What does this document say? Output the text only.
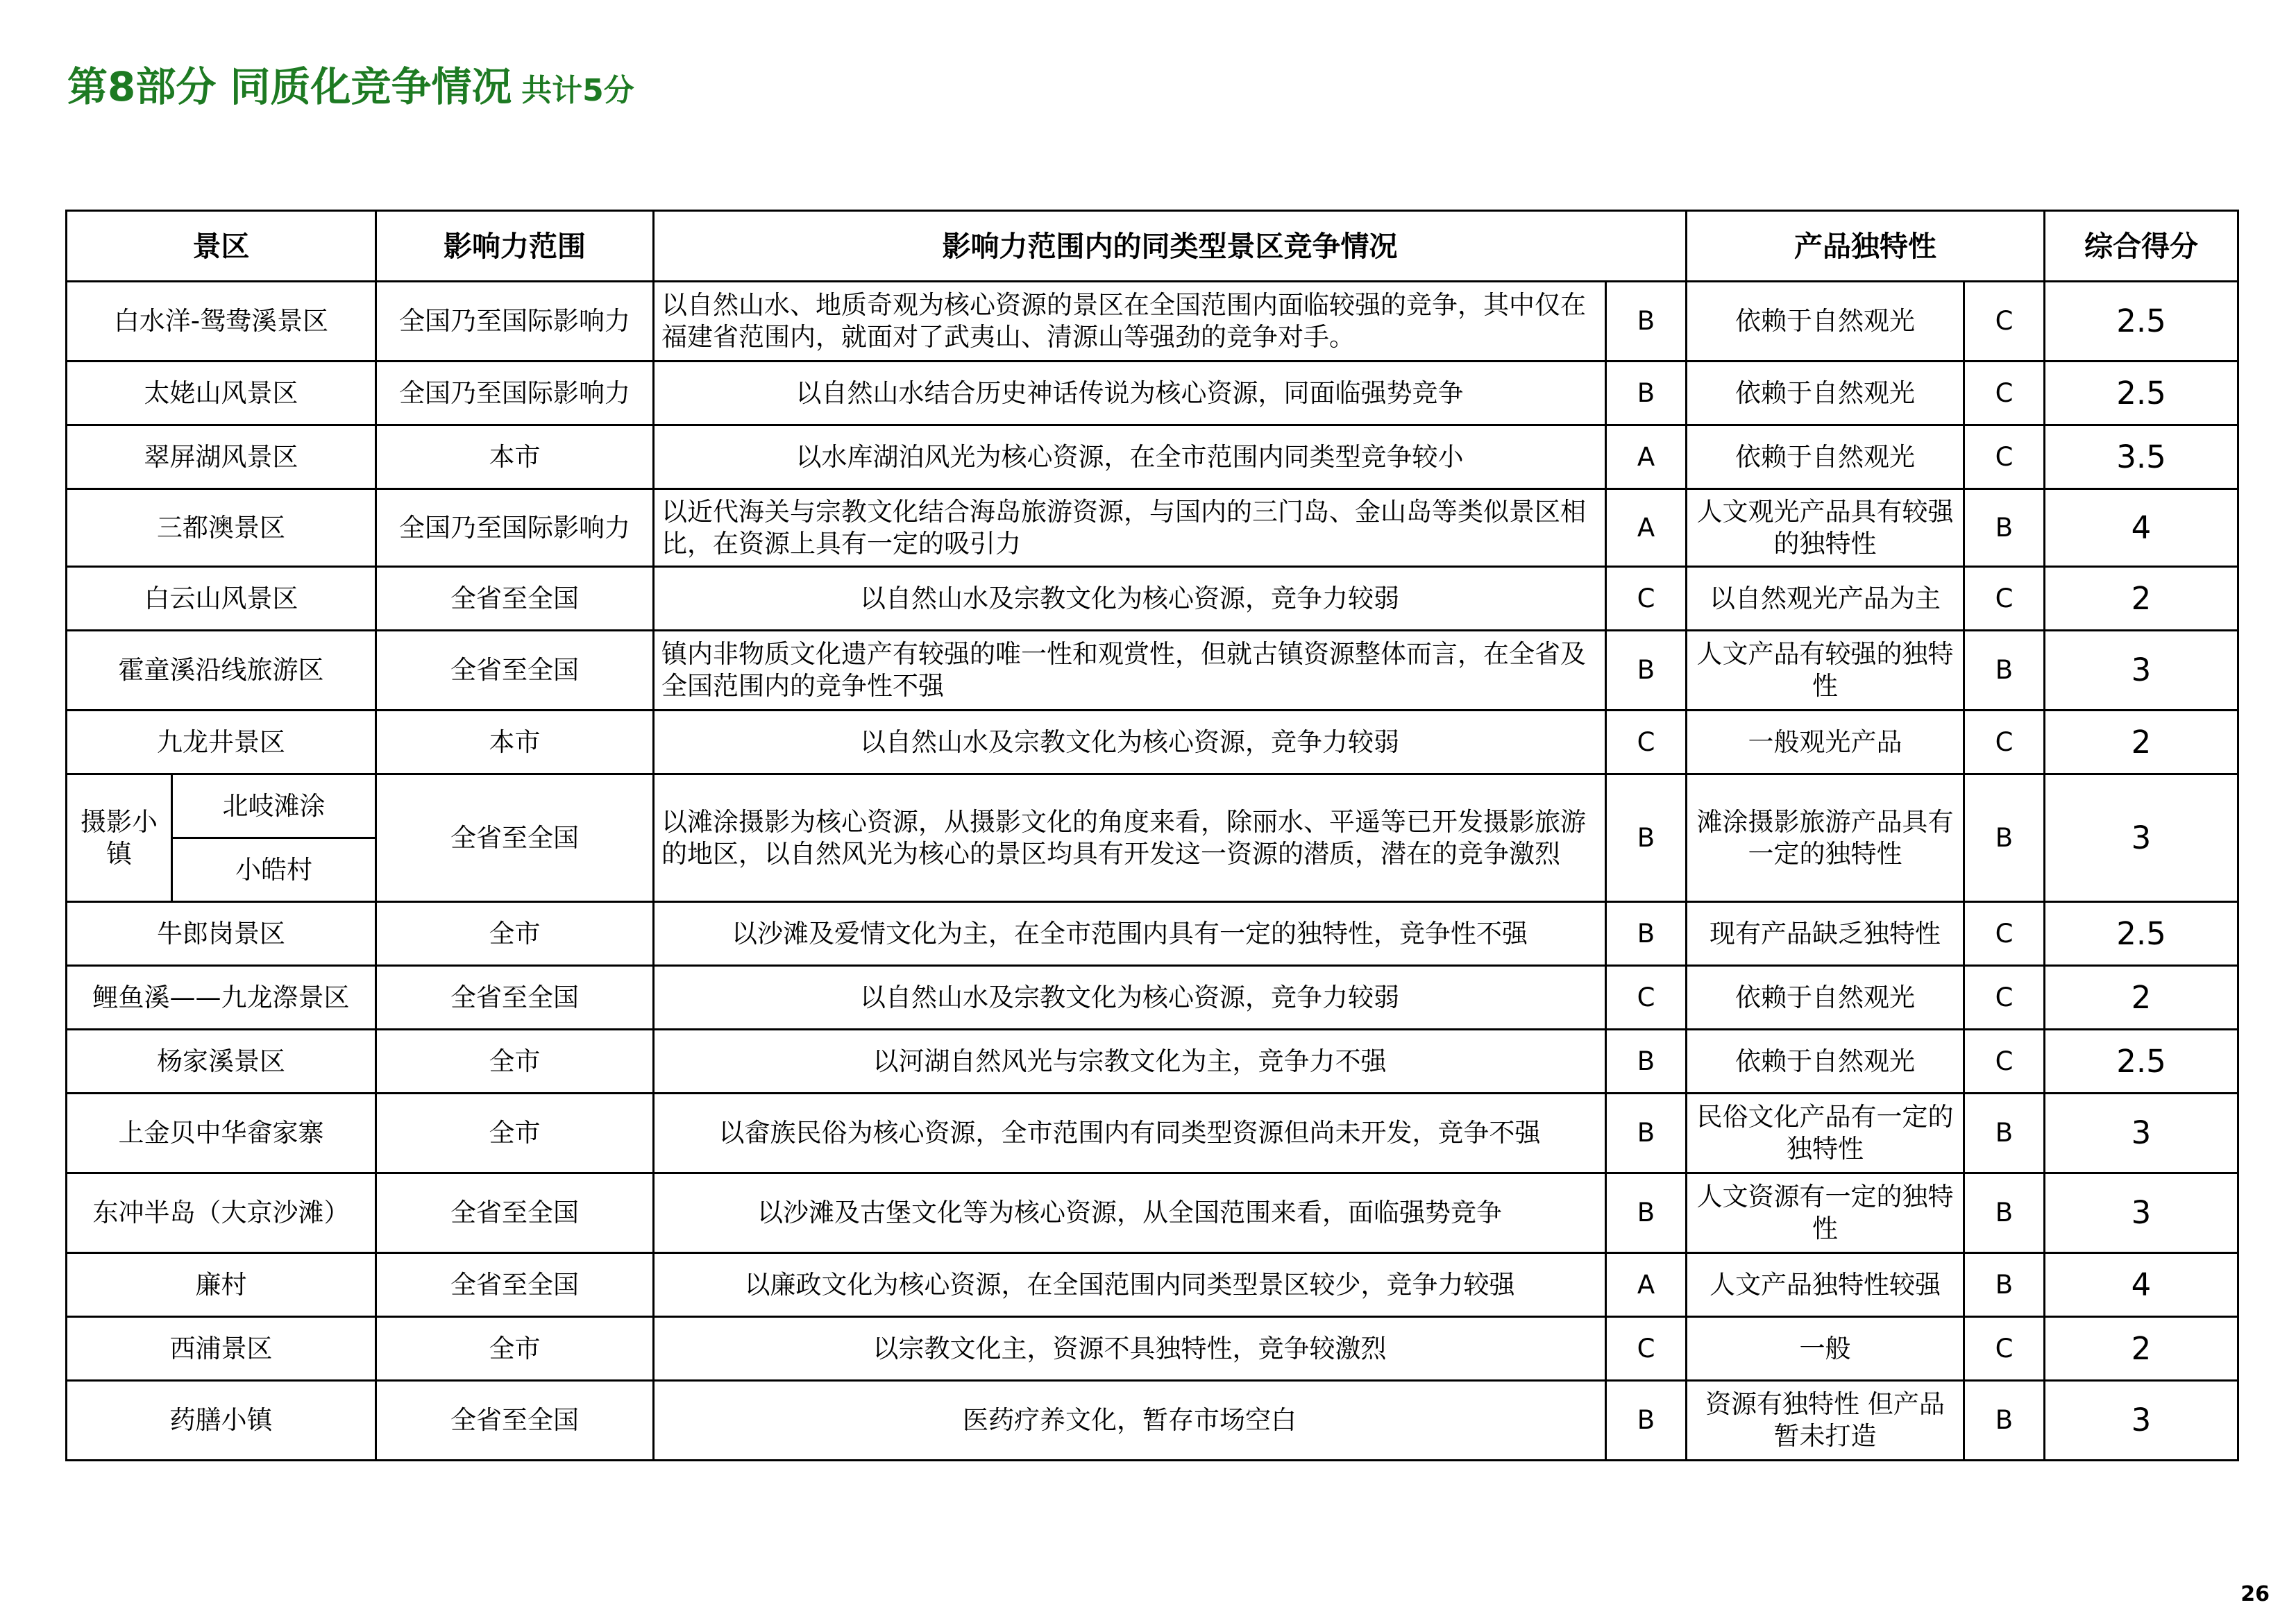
第8部分 同质化竞争情况 共计5分
景区		影响力范围	影响力范围内的同类型景区竞争情况		产品独特性		综合得分
白水洋-鸳鸯溪景区		全国乃至国际影响力	以自然山水、地质奇观为核心资源的景区在全国范围内面临较强的竞争，其中仅在福建省范围内，就面对了武夷山、清源山等强劲的竞争对手。	B	依赖于自然观光	C	2.5
太姥山风景区		全国乃至国际影响力	以自然山水结合历史神话传说为核心资源，同面临强势竞争	B	依赖于自然观光	C	2.5
翠屏湖风景区		本市	以水库湖泊风光为核心资源，在全市范围内同类型竞争较小	A	依赖于自然观光	C	3.5
三都澳景区		全国乃至国际影响力	以近代海关与宗教文化结合海岛旅游资源，与国内的三门岛、金山岛等类似景区相比，在资源上具有一定的吸引力	A	人文观光产品具有较强的独特性	B	4
白云山风景区		全省至全国	以自然山水及宗教文化为核心资源，竞争力较弱	C	以自然观光产品为主	C	2
霍童溪沿线旅游区		全省至全国	镇内非物质文化遗产有较强的唯一性和观赏性，但就古镇资源整体而言，在全省及全国范围内的竞争性不强	B	人文产品有较强的独特性	B	3
九龙井景区		本市	以自然山水及宗教文化为核心资源，竞争力较弱	C	一般观光产品	C	2
摄影小镇	北岐滩涂	全省至全国	以滩涂摄影为核心资源，从摄影文化的角度来看，除丽水、平遥等已开发摄影旅游的地区，以自然风光为核心的景区均具有开发这一资源的潜质，潜在的竞争激烈	B	滩涂摄影旅游产品具有一定的独特性	B	3
	小皓村						
牛郎岗景区		全市	以沙滩及爱情文化为主，在全市范围内具有一定的独特性，竞争性不强	B	现有产品缺乏独特性	C	2.5
鲤鱼溪——九龙漈景区		全省至全国	以自然山水及宗教文化为核心资源，竞争力较弱	C	依赖于自然观光	C	2
杨家溪景区		全市	以河湖自然风光与宗教文化为主，竞争力不强	B	依赖于自然观光	C	2.5
上金贝中华畲家寨		全市	以畲族民俗为核心资源，全市范围内有同类型资源但尚未开发，竞争不强	B	民俗文化产品有一定的独特性	B	3
东冲半岛（大京沙滩）		全省至全国	以沙滩及古堡文化等为核心资源，从全国范围来看，面临强势竞争	B	人文资源有一定的独特性	B	3
廉村		全省至全国	以廉政文化为核心资源，在全国范围内同类型景区较少，竞争力较强	A	人文产品独特性较强	B	4
西浦景区		全市	以宗教文化主，资源不具独特性，竞争较激烈	C	一般	C	2
药膳小镇		全省至全国	医药疗养文化，暂存市场空白	B	资源有独特性 但产品暂未打造	B	3
26
